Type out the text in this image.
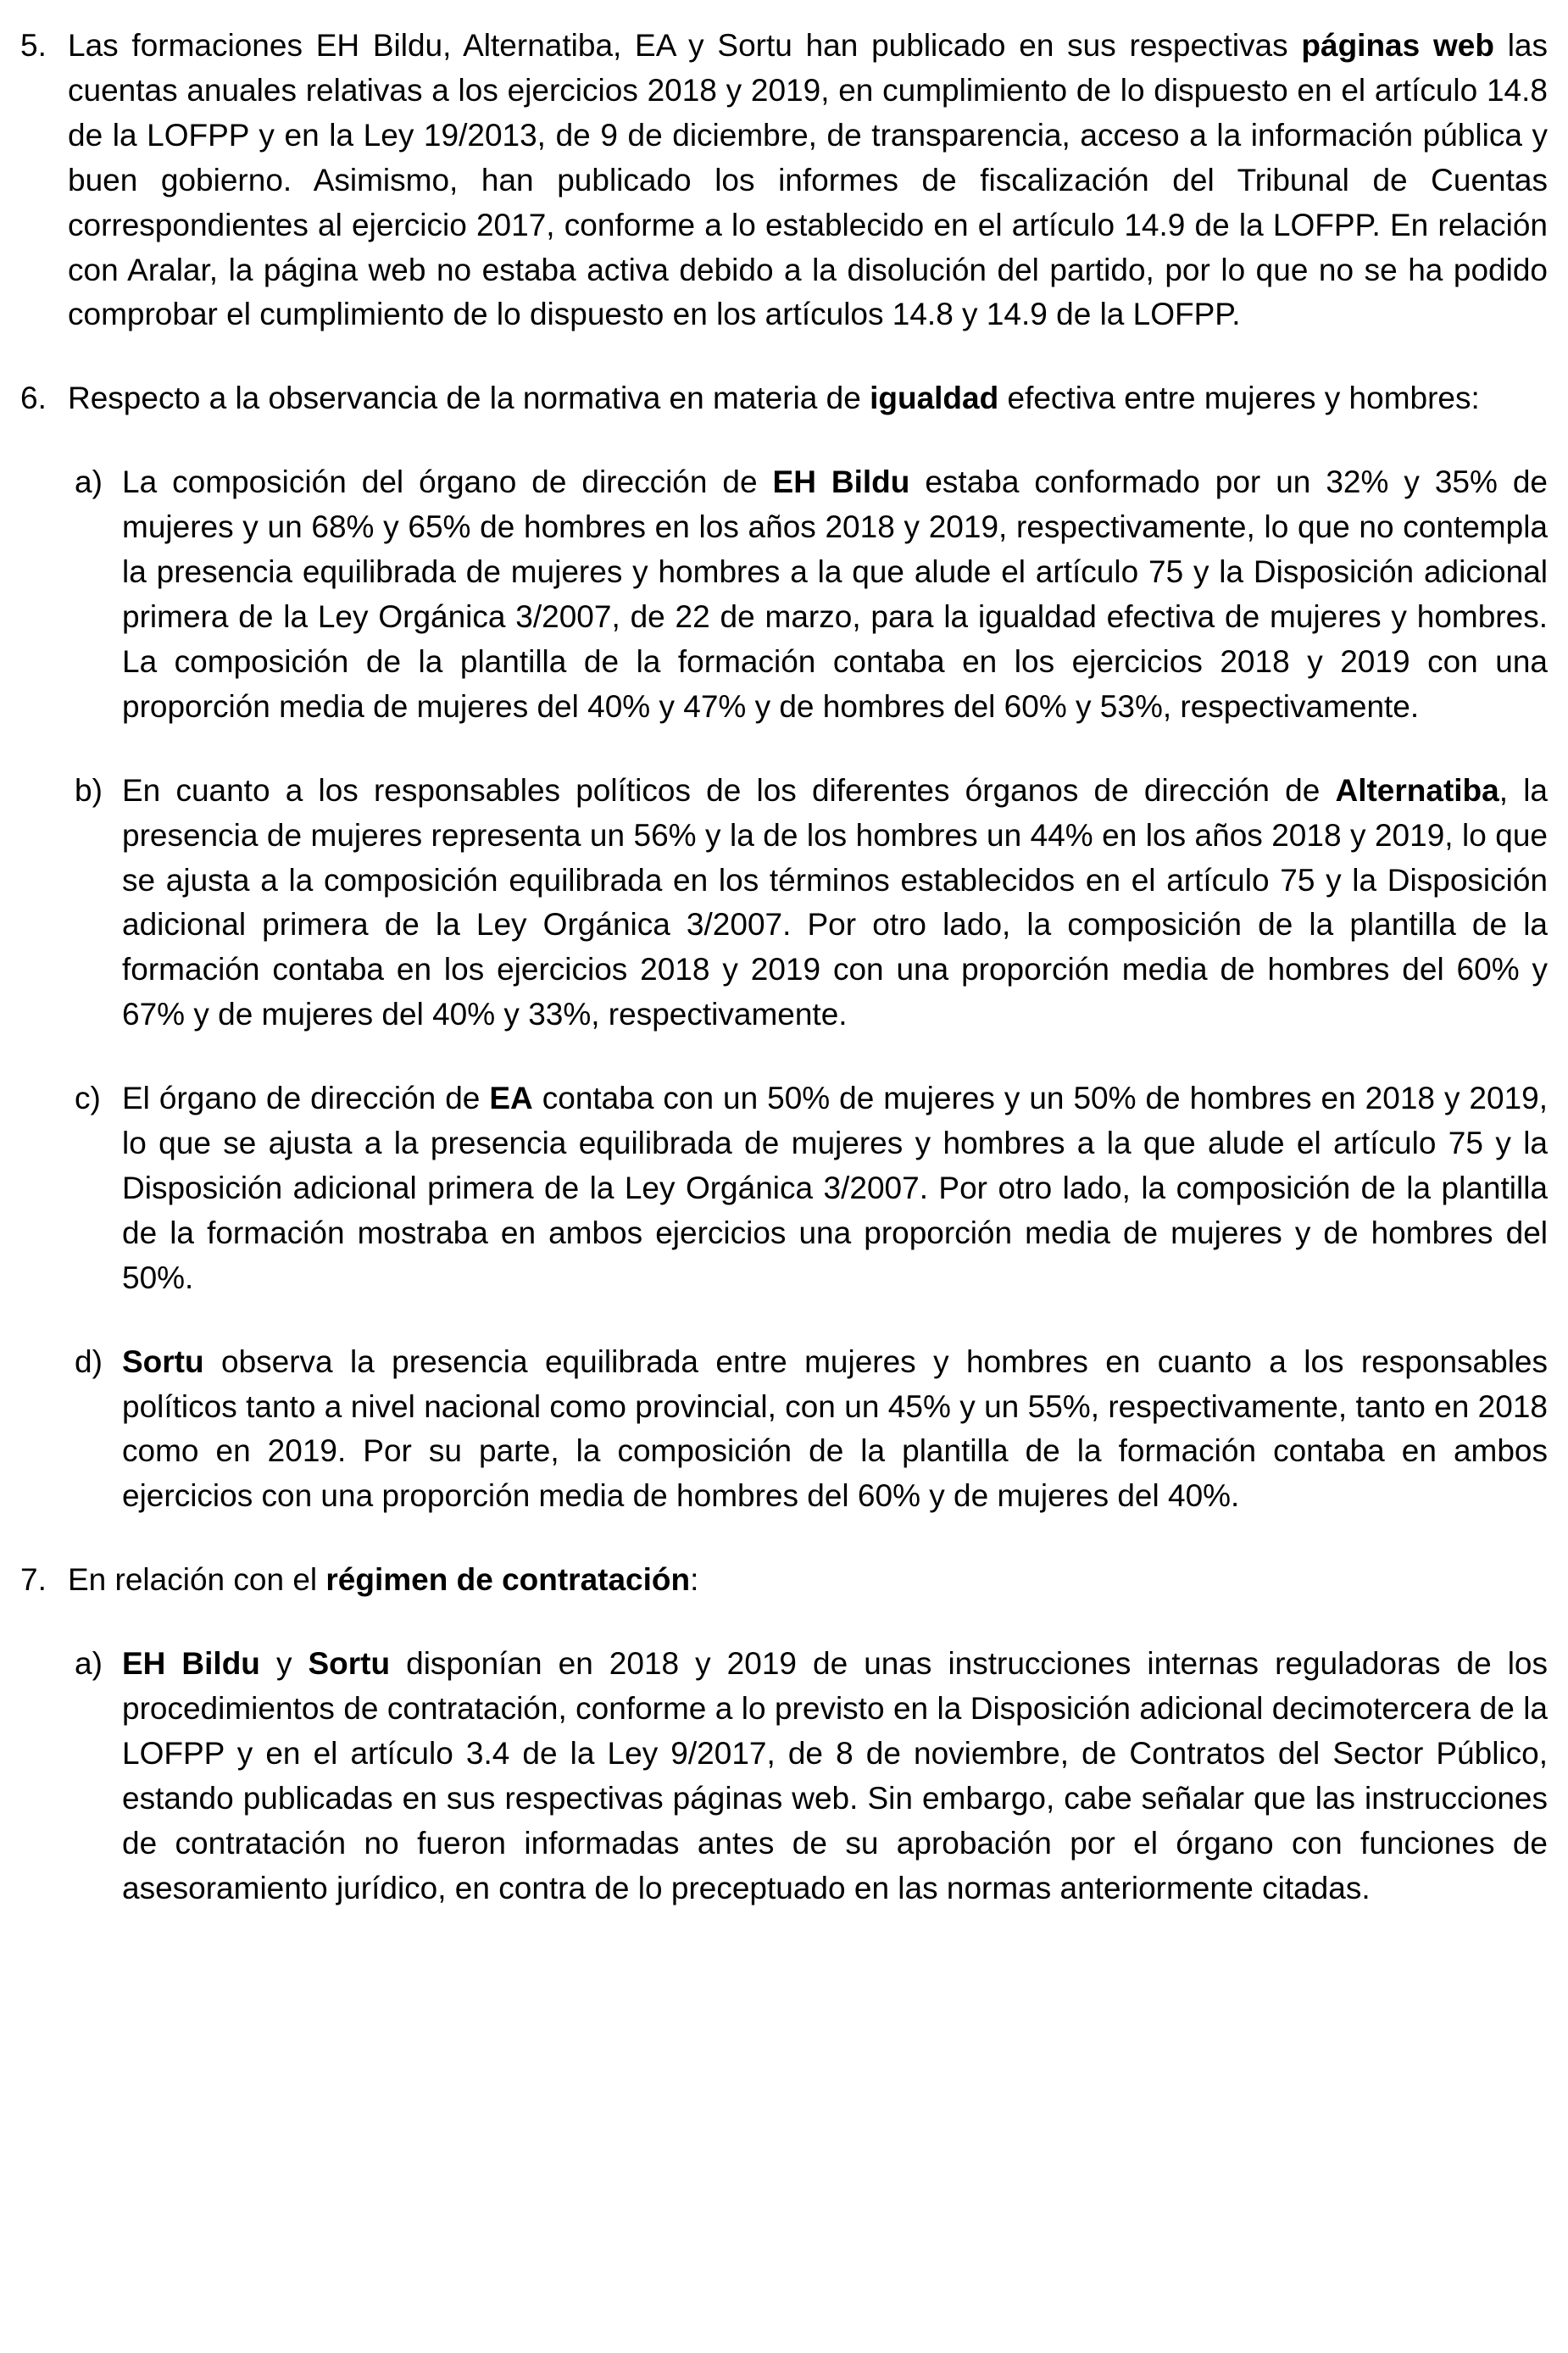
5. Las formaciones EH Bildu, Alternatiba, EA y Sortu han publicado en sus respectivas páginas web las cuentas anuales relativas a los ejercicios 2018 y 2019, en cumplimiento de lo dispuesto en el artículo 14.8 de la LOFPP y en la Ley 19/2013, de 9 de diciembre, de transparencia, acceso a la información pública y buen gobierno. Asimismo, han publicado los informes de fiscalización del Tribunal de Cuentas correspondientes al ejercicio 2017, conforme a lo establecido en el artículo 14.9 de la LOFPP. En relación con Aralar, la página web no estaba activa debido a la disolución del partido, por lo que no se ha podido comprobar el cumplimiento de lo dispuesto en los artículos 14.8 y 14.9 de la LOFPP.
6. Respecto a la observancia de la normativa en materia de igualdad efectiva entre mujeres y hombres:
a) La composición del órgano de dirección de EH Bildu estaba conformado por un 32% y 35% de mujeres y un 68% y 65% de hombres en los años 2018 y 2019, respectivamente, lo que no contempla la presencia equilibrada de mujeres y hombres a la que alude el artículo 75 y la Disposición adicional primera de la Ley Orgánica 3/2007, de 22 de marzo, para la igualdad efectiva de mujeres y hombres. La composición de la plantilla de la formación contaba en los ejercicios 2018 y 2019 con una proporción media de mujeres del 40% y 47% y de hombres del 60% y 53%, respectivamente.
b) En cuanto a los responsables políticos de los diferentes órganos de dirección de Alternatiba, la presencia de mujeres representa un 56% y la de los hombres un 44% en los años 2018 y 2019, lo que se ajusta a la composición equilibrada en los términos establecidos en el artículo 75 y la Disposición adicional primera de la Ley Orgánica 3/2007. Por otro lado, la composición de la plantilla de la formación contaba en los ejercicios 2018 y 2019 con una proporción media de hombres del 60% y 67% y de mujeres del 40% y 33%, respectivamente.
c) El órgano de dirección de EA contaba con un 50% de mujeres y un 50% de hombres en 2018 y 2019, lo que se ajusta a la presencia equilibrada de mujeres y hombres a la que alude el artículo 75 y la Disposición adicional primera de la Ley Orgánica 3/2007. Por otro lado, la composición de la plantilla de la formación mostraba en ambos ejercicios una proporción media de mujeres y de hombres del 50%.
d) Sortu observa la presencia equilibrada entre mujeres y hombres en cuanto a los responsables políticos tanto a nivel nacional como provincial, con un 45% y un 55%, respectivamente, tanto en 2018 como en 2019. Por su parte, la composición de la plantilla de la formación contaba en ambos ejercicios con una proporción media de hombres del 60% y de mujeres del 40%.
7. En relación con el régimen de contratación:
a) EH Bildu y Sortu disponían en 2018 y 2019 de unas instrucciones internas reguladoras de los procedimientos de contratación, conforme a lo previsto en la Disposición adicional decimotercera de la LOFPP y en el artículo 3.4 de la Ley 9/2017, de 8 de noviembre, de Contratos del Sector Público, estando publicadas en sus respectivas páginas web. Sin embargo, cabe señalar que las instrucciones de contratación no fueron informadas antes de su aprobación por el órgano con funciones de asesoramiento jurídico, en contra de lo preceptuado en las normas anteriormente citadas.
